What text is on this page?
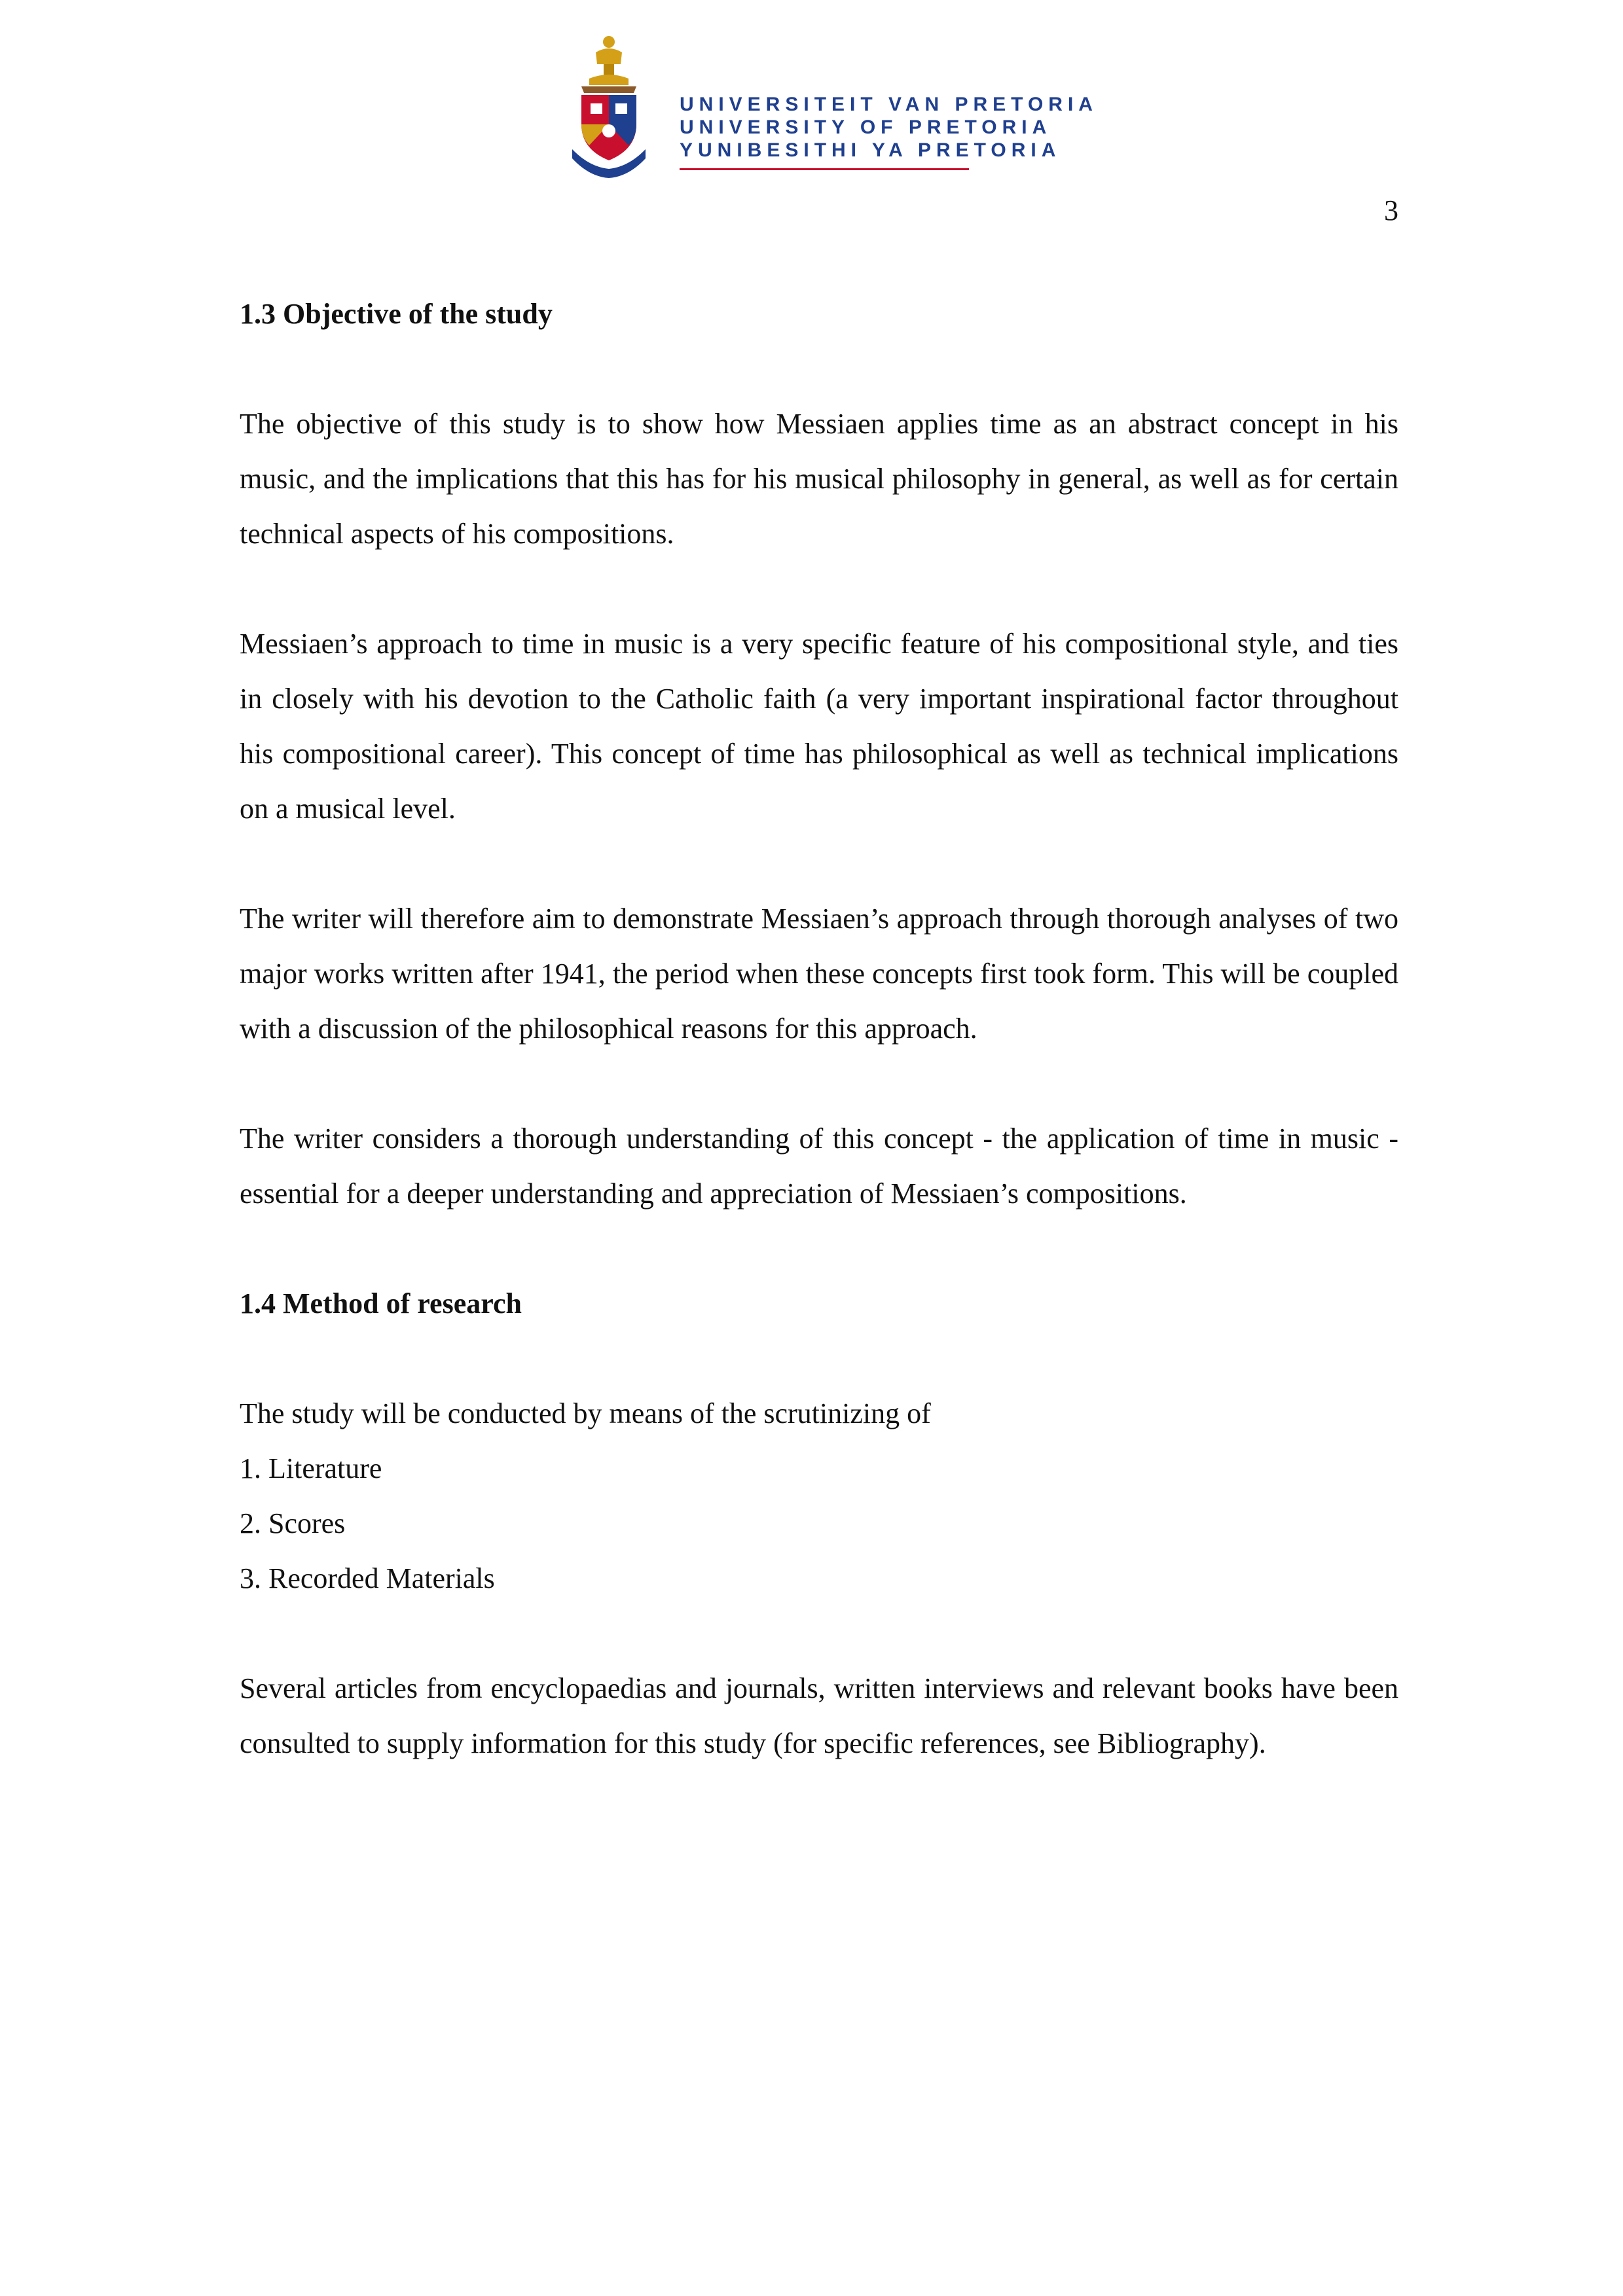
UNIVERSITEIT VAN PRETORIA
UNIVERSITY OF PRETORIA
YUNIBESITHI YA PRETORIA
3
1.3 Objective of the study

The objective of this study is to show how Messiaen applies time as an abstract concept in his music, and the implications that this has for his musical philosophy in general, as well as for certain technical aspects of his compositions.

Messiaen’s approach to time in music is a very specific feature of his compositional style, and ties in closely with his devotion to the Catholic faith (a very important inspirational factor throughout his compositional career). This concept of time has philosophical as well as technical implications on a musical level.

The writer will therefore aim to demonstrate Messiaen’s approach through thorough analyses of two major works written after 1941, the period when these concepts first took form. This will be coupled with a discussion of the philosophical reasons for this approach.

The writer considers a thorough understanding of this concept - the application of time in music - essential for a deeper understanding and appreciation of Messiaen’s compositions.

1.4 Method of research

The study will be conducted by means of the scrutinizing of

1. Literature
2. Scores
3. Recorded Materials

Several articles from encyclopaedias and journals, written interviews and relevant books have been consulted to supply information for this study (for specific references, see Bibliography).
